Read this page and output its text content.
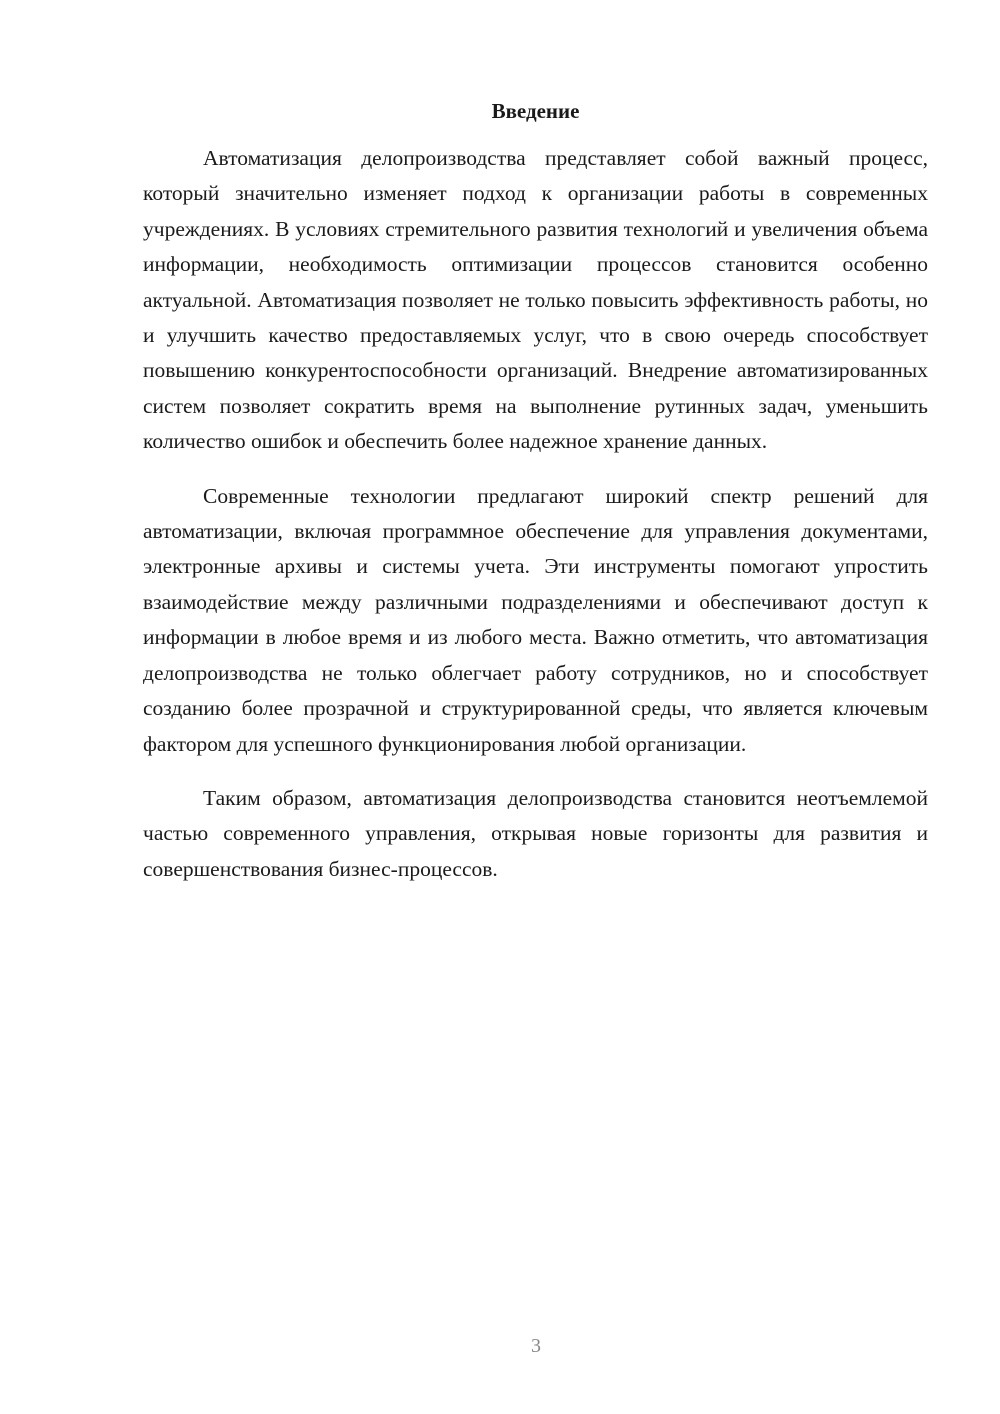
Введение

Автоматизация делопроизводства представляет собой важный процесс, который значительно изменяет подход к организации работы в современных учреждениях. В условиях стремительного развития технологий и увеличения объема информации, необходимость оптимизации процессов становится особенно актуальной. Автоматизация позволяет не только повысить эффективность работы, но и улучшить качество предоставляемых услуг, что в свою очередь способствует повышению конкурентоспособности организаций. Внедрение автоматизированных систем позволяет сократить время на выполнение рутинных задач, уменьшить количество ошибок и обеспечить более надежное хранение данных.

Современные технологии предлагают широкий спектр решений для автоматизации, включая программное обеспечение для управления документами, электронные архивы и системы учета. Эти инструменты помогают упростить взаимодействие между различными подразделениями и обеспечивают доступ к информации в любое время и из любого места. Важно отметить, что автоматизация делопроизводства не только облегчает работу сотрудников, но и способствует созданию более прозрачной и структурированной среды, что является ключевым фактором для успешного функционирования любой организации.

Таким образом, автоматизация делопроизводства становится неотъемлемой частью современного управления, открывая новые горизонты для развития и совершенствования бизнес-процессов.

3
